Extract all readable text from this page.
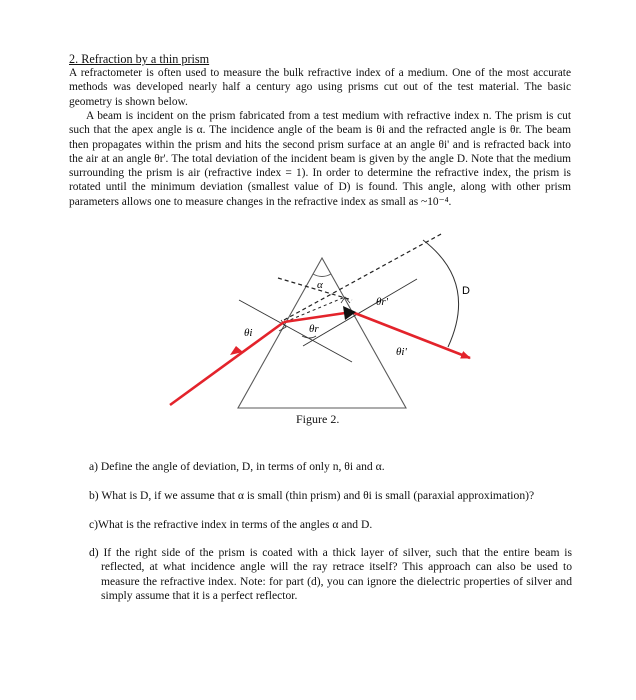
2. Refraction by a thin prism

A refractometer is often used to measure the bulk refractive index of a medium. One of the most accurate methods was developed nearly half a century ago using prisms cut out of the test material. The basic geometry is shown below.

A beam is incident on the prism fabricated from a test medium with refractive index n. The prism is cut such that the apex angle is α. The incidence angle of the beam is θi and the refracted angle is θr. The beam then propagates within the prism and hits the second prism surface at an angle θi' and is refracted back into the air at an angle θr'. The total deviation of the incident beam is given by the angle D. Note that the medium surrounding the prism is air (refractive index = 1). In order to determine the refractive index, the prism is rotated until the minimum deviation (smallest value of D) is found. This angle, along with other prism parameters allows one to measure changes in the refractive index as small as ~10⁻⁴.

α
θi	θr
θr'
θi'
D
Figure 2.

a) Define the angle of deviation, D, in terms of only n, θi and α.

b) What is D, if we assume that α is small (thin prism) and θi is small (paraxial approximation)?

c)What is the refractive index in terms of the angles α and D.

d) If the right side of the prism is coated with a thick layer of silver, such that the entire beam is reflected, at what incidence angle will the ray retrace itself? This approach can also be used to measure the refractive index. Note: for part (d), you can ignore the dielectric properties of silver and simply assume that it is a perfect reflector.
